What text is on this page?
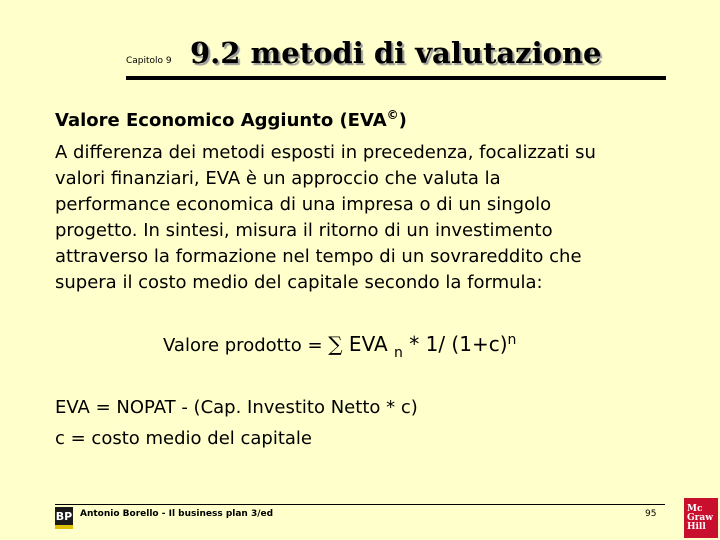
Capitolo 9 9.2 metodi di valutazione
Valore Economico Aggiunto (EVA©)
A differenza dei metodi esposti in precedenza, focalizzati su
valori finanziari, EVA è un approccio che valuta la
performance economica di una impresa o di un singolo
progetto. In sintesi, misura il ritorno di un investimento
attraverso la formazione nel tempo di un sovrareddito che
supera il costo medio del capitale secondo la formula:
Valore prodotto = ∑ EVA $_n$ * 1/ $(1+c)^n$
EVA = NOPAT - (Cap. Investito Netto * c)
c = costo medio del capitale
BP Antonio Borello - Il business plan 3/ed	95
Mc
Graw
Hill
